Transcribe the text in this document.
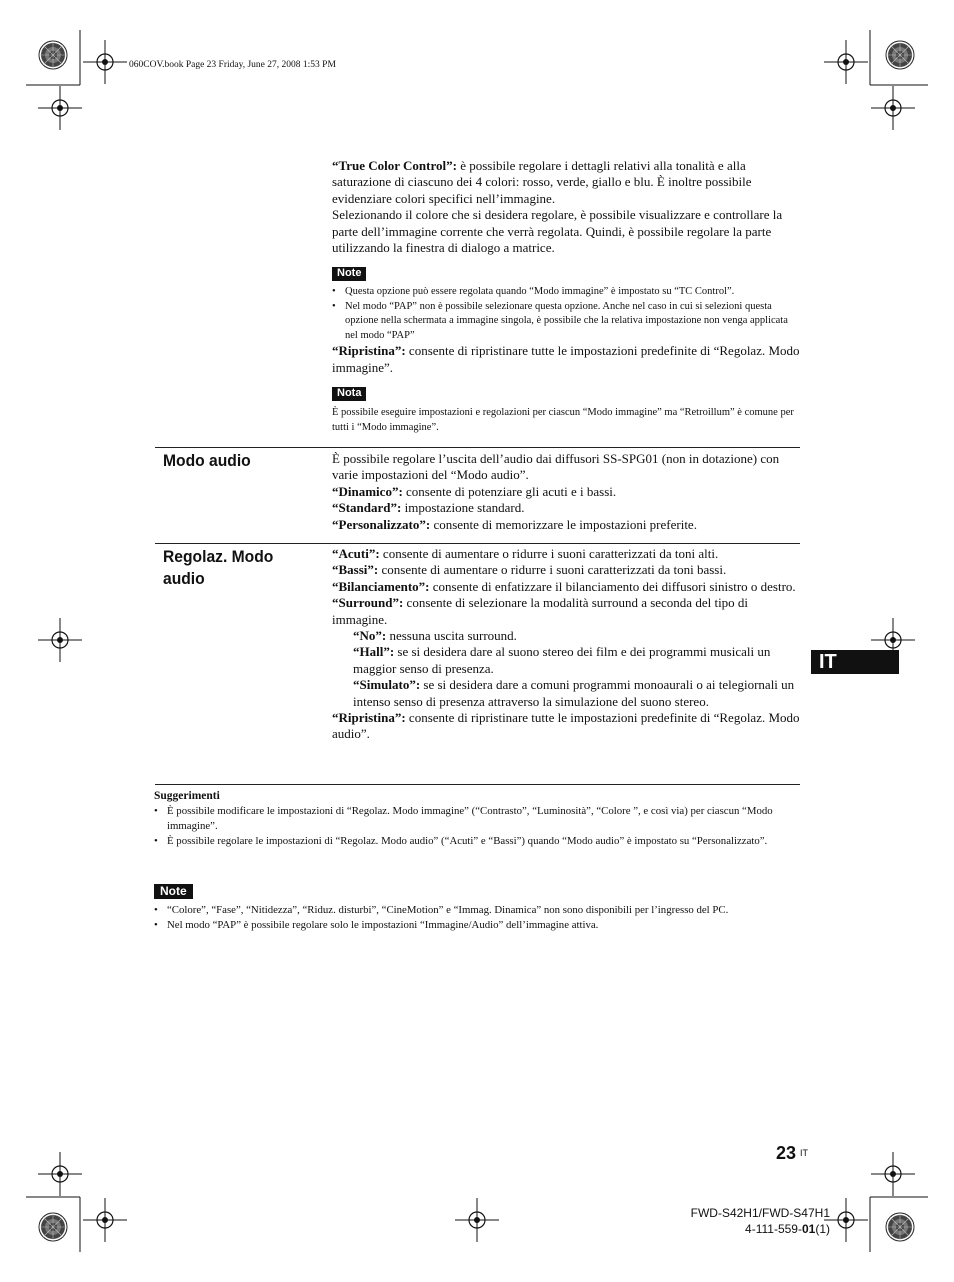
060COV.book Page 23 Friday, June 27, 2008 1:53 PM

“True Color Control”: è possibile regolare i dettagli relativi alla tonalità e alla saturazione di ciascuno dei 4 colori: rosso, verde, giallo e blu. È inoltre possibile evidenziare colori specifici nell’immagine.

Selezionando il colore che si desidera regolare, è possibile visualizzare e controllare la parte dell’immagine corrente che verrà regolata. Quindi, è possibile regolare la parte utilizzando la finestra di dialogo a matrice.

Note
• Questa opzione può essere regolata quando “Modo immagine” è impostato su “TC Control”.
• Nel modo “PAP” non è possibile selezionare questa opzione. Anche nel caso in cui si selezioni questa opzione nella schermata a immagine singola, è possibile che la relativa impostazione non venga applicata nel modo “PAP”

“Ripristina”: consente di ripristinare tutte le impostazioni predefinite di “Regolaz. Modo immagine”.

Nota

È possibile eseguire impostazioni e regolazioni per ciascun “Modo immagine” ma “Retroillum” è comune per tutti i “Modo immagine”.

Modo audio	È possibile regolare l’uscita dell’audio dai diffusori SS-SPG01 (non in dotazione) con varie impostazioni del “Modo audio”.

“Dinamico”: consente di potenziare gli acuti e i bassi.

“Standard”: impostazione standard.

“Personalizzato”: consente di memorizzare le impostazioni preferite.

Regolaz. Modo
audio

“Acuti”: consente di aumentare o ridurre i suoni caratterizzati da toni alti.

“Bassi”: consente di aumentare o ridurre i suoni caratterizzati da toni bassi.

“Bilanciamento”: consente di enfatizzare il bilanciamento dei diffusori sinistro o destro.

“Surround”: consente di selezionare la modalità surround a seconda del tipo di immagine.

“No”: nessuna uscita surround.

“Hall”: se si desidera dare al suono stereo dei film e dei programmi musicali un maggior senso di presenza.

“Simulato”: se si desidera dare a comuni programmi monoaurali o ai telegiornali un intenso senso di presenza attraverso la simulazione del suono stereo.

“Ripristina”: consente di ripristinare tutte le impostazioni predefinite di “Regolaz. Modo audio”.

Suggerimenti
• È possibile modificare le impostazioni di “Regolaz. Modo immagine” (“Contrasto”, “Luminosità”, “Colore ”, e così via) per ciascun “Modo immagine”.
• È possibile regolare le impostazioni di “Regolaz. Modo audio” (“Acuti” e “Bassi”) quando “Modo audio” è impostato su “Personalizzato”.
Note
• “Colore”, “Fase”, “Nitidezza”, “Riduz. disturbi”, “CineMotion” e “Immag. Dinamica” non sono disponibili per l’ingresso del PC.
• Nel modo “PAP” è possibile regolare solo le impostazioni “Immagine/Audio” dell’immagine attiva.
IT
23 IT
FWD-S42H1/FWD-S47H1
4-111-559-01(1)
